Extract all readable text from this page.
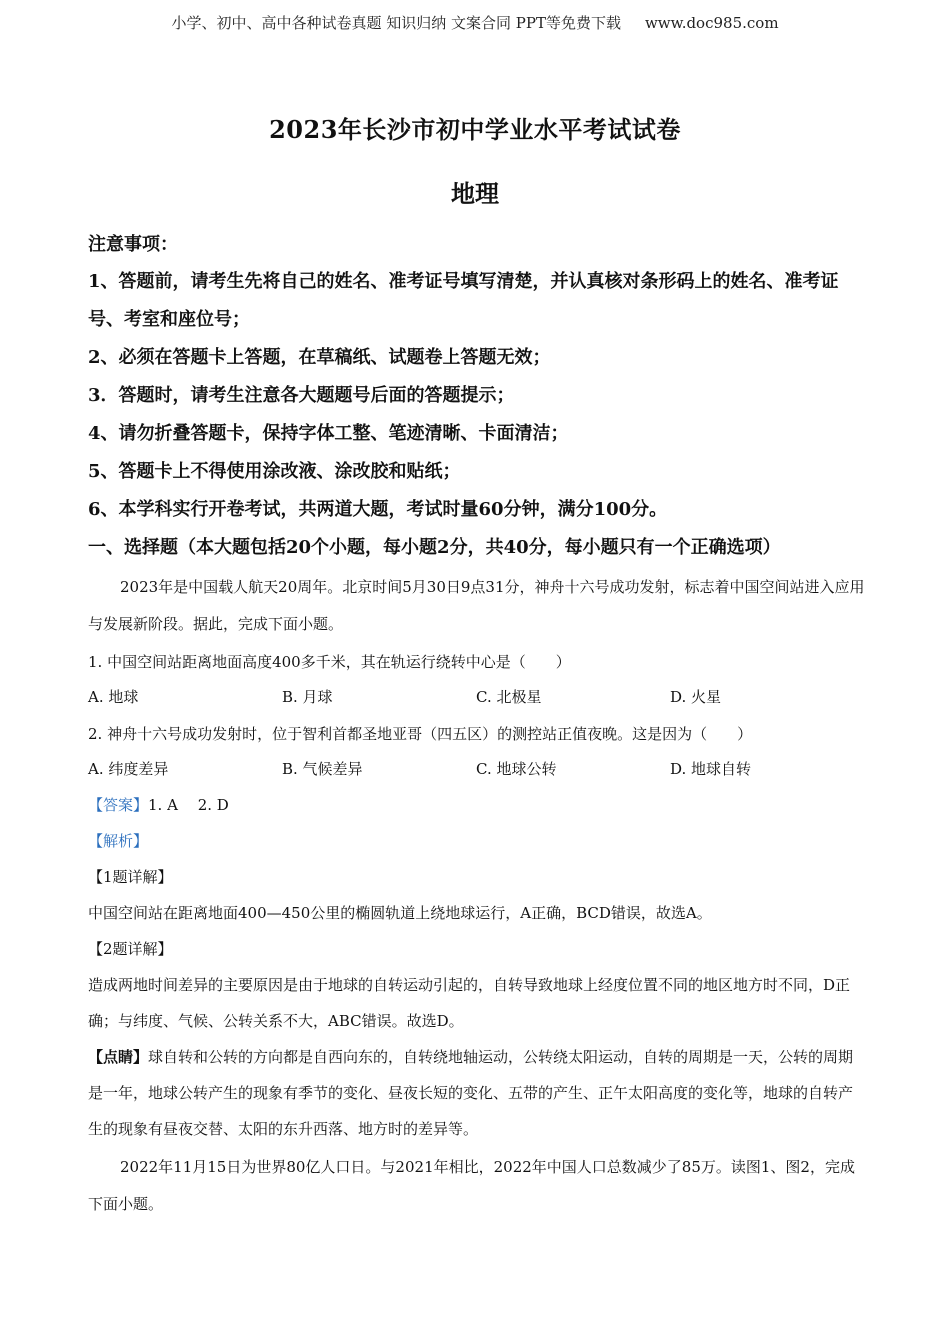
小学、初中、高中各种试卷真题 知识归纳 文案合同 PPT等免费下载 www.doc985.com
2023年长沙市初中学业水平考试试卷
地理
注意事项：
1、答题前，请考生先将自己的姓名、准考证号填写清楚，并认真核对条形码上的姓名、准考证号、考室和座位号；
2、必须在答题卡上答题，在草稿纸、试题卷上答题无效；
3．答题时，请考生注意各大题题号后面的答题提示；
4、请勿折叠答题卡，保持字体工整、笔迹清晰、卡面清洁；
5、答题卡上不得使用涂改液、涂改胶和贴纸；
6、本学科实行开卷考试，共两道大题，考试时量60分钟，满分100分。
一、选择题（本大题包括20个小题，每小题2分，共40分，每小题只有一个正确选项）
2023年是中国载人航天20周年。北京时间5月30日9点31分，神舟十六号成功发射，标志着中国空间站进入应用与发展新阶段。据此，完成下面小题。
1. 中国空间站距离地面高度400多千米，其在轨运行绕转中心是（　　）
A. 地球	B. 月球	C. 北极星	D. 火星
2. 神舟十六号成功发射时，位于智利首都圣地亚哥（四五区）的测控站正值夜晚。这是因为（　　）
A. 纬度差异	B. 气候差异	C. 地球公转	D. 地球自转
【答案】1. A　 2. D
【解析】
【1题详解】
中国空间站在距离地面400—450公里的椭圆轨道上绕地球运行，A正确，BCD错误，故选A。
【2题详解】
造成两地时间差异的主要原因是由于地球的自转运动引起的，自转导致地球上经度位置不同的地区地方时不同，D正确；与纬度、气候、公转关系不大，ABC错误。故选D。
【点睛】球自转和公转的方向都是自西向东的，自转绕地轴运动，公转绕太阳运动，自转的周期是一天，公转的周期是一年，地球公转产生的现象有季节的变化、昼夜长短的变化、五带的产生、正午太阳高度的变化等，地球的自转产生的现象有昼夜交替、太阳的东升西落、地方时的差异等。
2022年11月15日为世界80亿人口日。与2021年相比，2022年中国人口总数减少了85万。读图1、图2，完成下面小题。
